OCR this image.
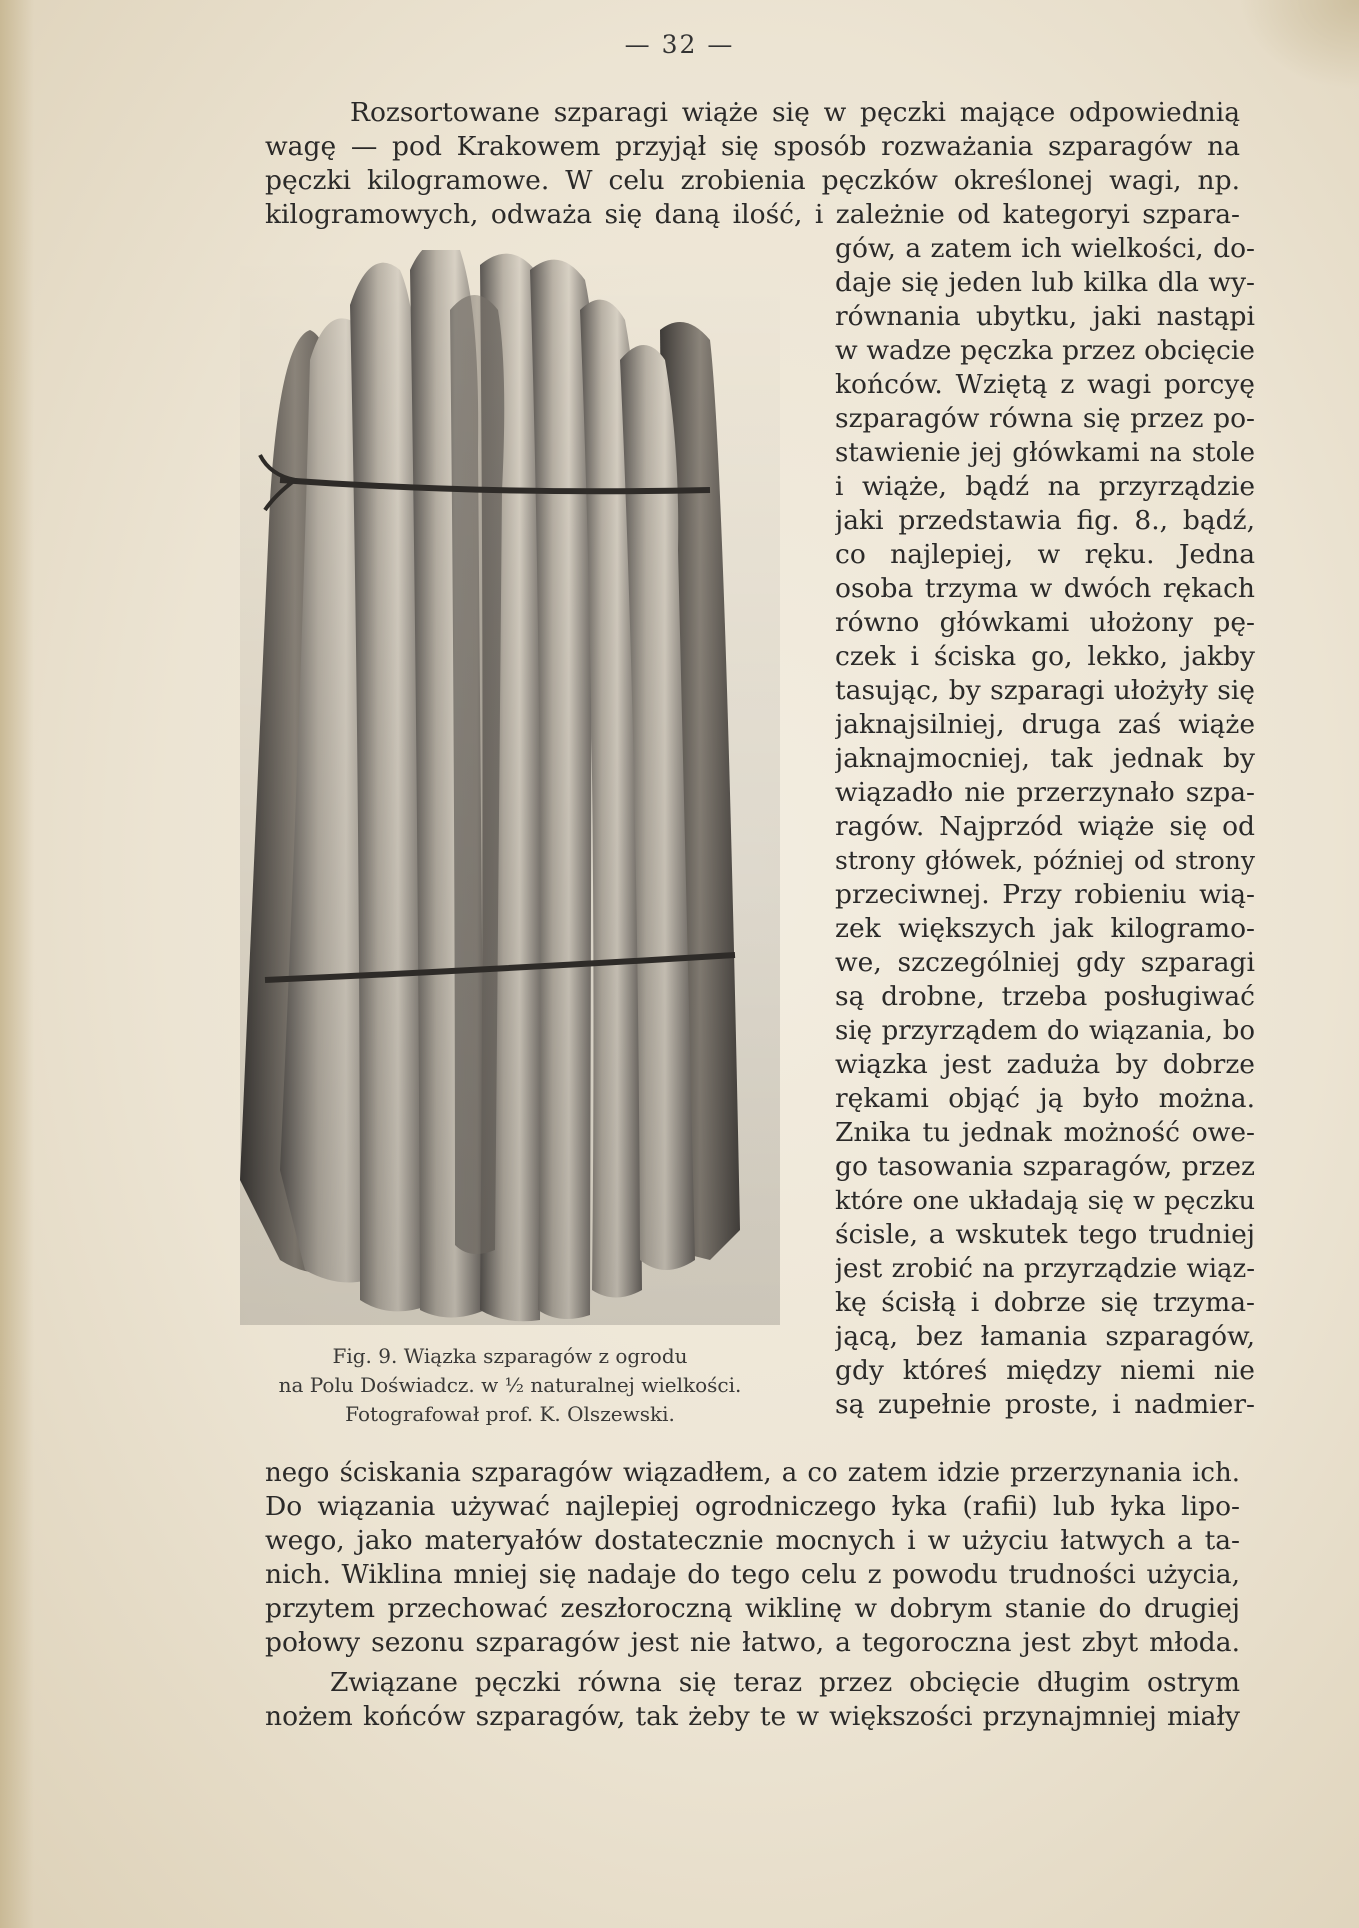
— 32 —
Rozsortowane szparagi wiąże się w pęczki mające odpowiednią
wagę — pod Krakowem przyjął się sposób rozważania szparagów na
pęczki kilogramowe. W celu zrobienia pęczków określonej wagi, np.
kilogramowych, odważa się daną ilość, i zależnie od kategoryi szpara-
Fig. 9. Wiązka szparagów z ogrodu
na Polu Doświadcz. w ½ naturalnej wielkości.
Fotografował prof. K. Olszewski.
gów, a zatem ich wielkości, do-
daje się jeden lub kilka dla wy-
równania ubytku, jaki nastąpi
w wadze pęczka przez obcięcie
końców. Wziętą z wagi porcyę
szparagów równa się przez po-
stawienie jej główkami na stole
i wiąże, bądź na przyrządzie
jaki przedstawia fig. 8., bądź,
co najlepiej, w ręku. Jedna
osoba trzyma w dwóch rękach
równo główkami ułożony pę-
czek i ściska go, lekko, jakby
tasując, by szparagi ułożyły się
jaknajsilniej, druga zaś wiąże
jaknajmocniej, tak jednak by
wiązadło nie przerzynało szpa-
ragów. Najprzód wiąże się od
strony główek, później od strony
przeciwnej. Przy robieniu wią-
zek większych jak kilogramo-
we, szczególniej gdy szparagi
są drobne, trzeba posługiwać
się przyrządem do wiązania, bo
wiązka jest zaduża by dobrze
rękami objąć ją było można.
Znika tu jednak możność owe-
go tasowania szparagów, przez
które one układają się w pęczku
ścisle, a wskutek tego trudniej
jest zrobić na przyrządzie wiąz-
kę ścisłą i dobrze się trzyma-
jącą, bez łamania szparagów,
gdy któreś między niemi nie
są zupełnie proste, i nadmier-
nego ściskania szparagów wiązadłem, a co zatem idzie przerzynania ich.
Do wiązania używać najlepiej ogrodniczego łyka (rafii) lub łyka lipo-
wego, jako materyałów dostatecznie mocnych i w użyciu łatwych a ta-
nich. Wiklina mniej się nadaje do tego celu z powodu trudności użycia,
przytem przechować zeszłoroczną wiklinę w dobrym stanie do drugiej
połowy sezonu szparagów jest nie łatwo, a tegoroczna jest zbyt młoda.
Związane pęczki równa się teraz przez obcięcie długim ostrym
nożem końców szparagów, tak żeby te w większości przynajmniej miały
